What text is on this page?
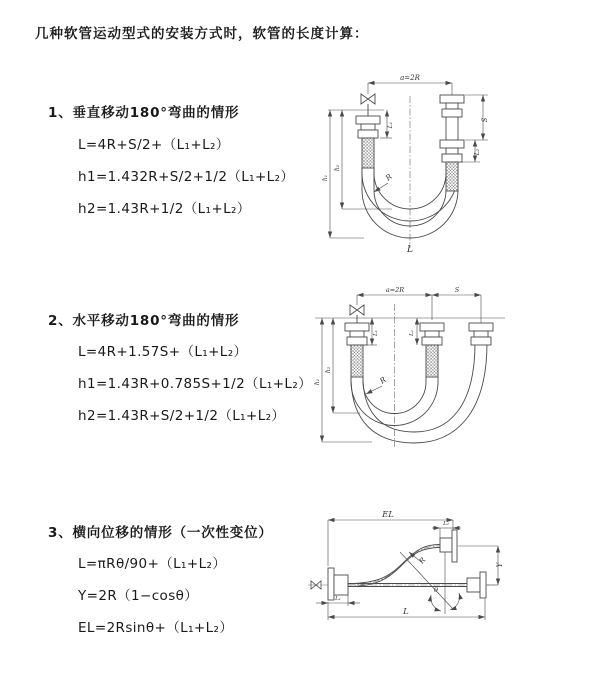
几种软管运动型式的安装方式时，软管的长度计算：
1、垂直移动180°弯曲的情形
L=4R+S/2+（L₁+L₂）
h1=1.432R+S/2+1/2（L₁+L₂）
h2=1.43R+1/2（L₁+L₂）
2、水平移动180°弯曲的情形
L=4R+1.57S+（L₁+L₂）
h1=1.43R+0.785S+1/2（L₁+L₂）
h2=1.43R+S/2+1/2（L₁+L₂）
3、横向位移的情形（一次性变位）
L=πRθ/90+（L₁+L₂）
Y=2R（1−cosθ）
EL=2Rsinθ+（L₁+L₂）
a=2R
S
L₂
h₁
h₂
L₁
R
L
a=2R	S
h₁
h₂
L₁	L₂
R
θ
EL
L₂
Y
R
L₁
L
